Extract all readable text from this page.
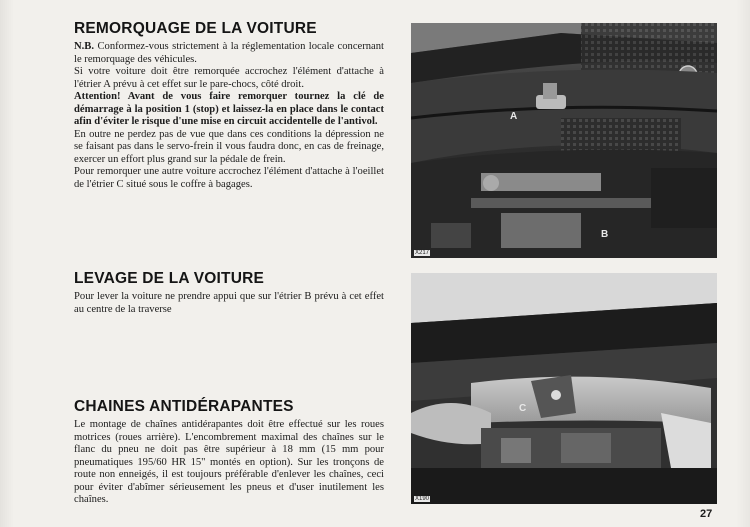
REMORQUAGE DE LA VOITURE

N.B. Conformez-vous strictement à la réglementation locale concernant le remorquage des véhicules.

Si votre voiture doit être remorquée accrochez l'élément d'attache à l'étrier A prévu à cet effet sur le pare-chocs, côté droit.

Attention! Avant de vous faire remorquer tournez la clé de démarrage à la position 1 (stop) et laissez-la en place dans le contact afin d'éviter le risque d'une mise en circuit accidentelle de l'antivol.

En outre ne perdez pas de vue que dans ces conditions la dépression ne se faisant pas dans le servo-frein il vous faudra donc, en cas de freinage, exercer un effort plus grand sur la pédale de frein.

Pour remorquer une autre voiture accrochez l'élément d'attache à l'oeillet de l'étrier C situé sous le coffre à bagages.

LEVAGE DE LA VOITURE

Pour lever la voiture ne prendre appui que sur l'étrier B prévu à cet effet au centre de la traverse

CHAINES ANTIDÉRAPANTES

Le montage de chaînes antidérapantes doit être effectué sur les roues motrices (roues arrière). L'encombrement maximal des chaînes sur le flanc du pneu ne doit pas être supérieur à 18 mm (15 mm pour pneumatiques 195/60 HR 15" montés en option). Sur les tronçons de route non enneigés, il est toujours préférable d'enlever les chaînes, ceci pour éviter d'abîmer sérieusement les pneus et d'user inutilement les chaînes.

A
B
X217
C
X190
27
